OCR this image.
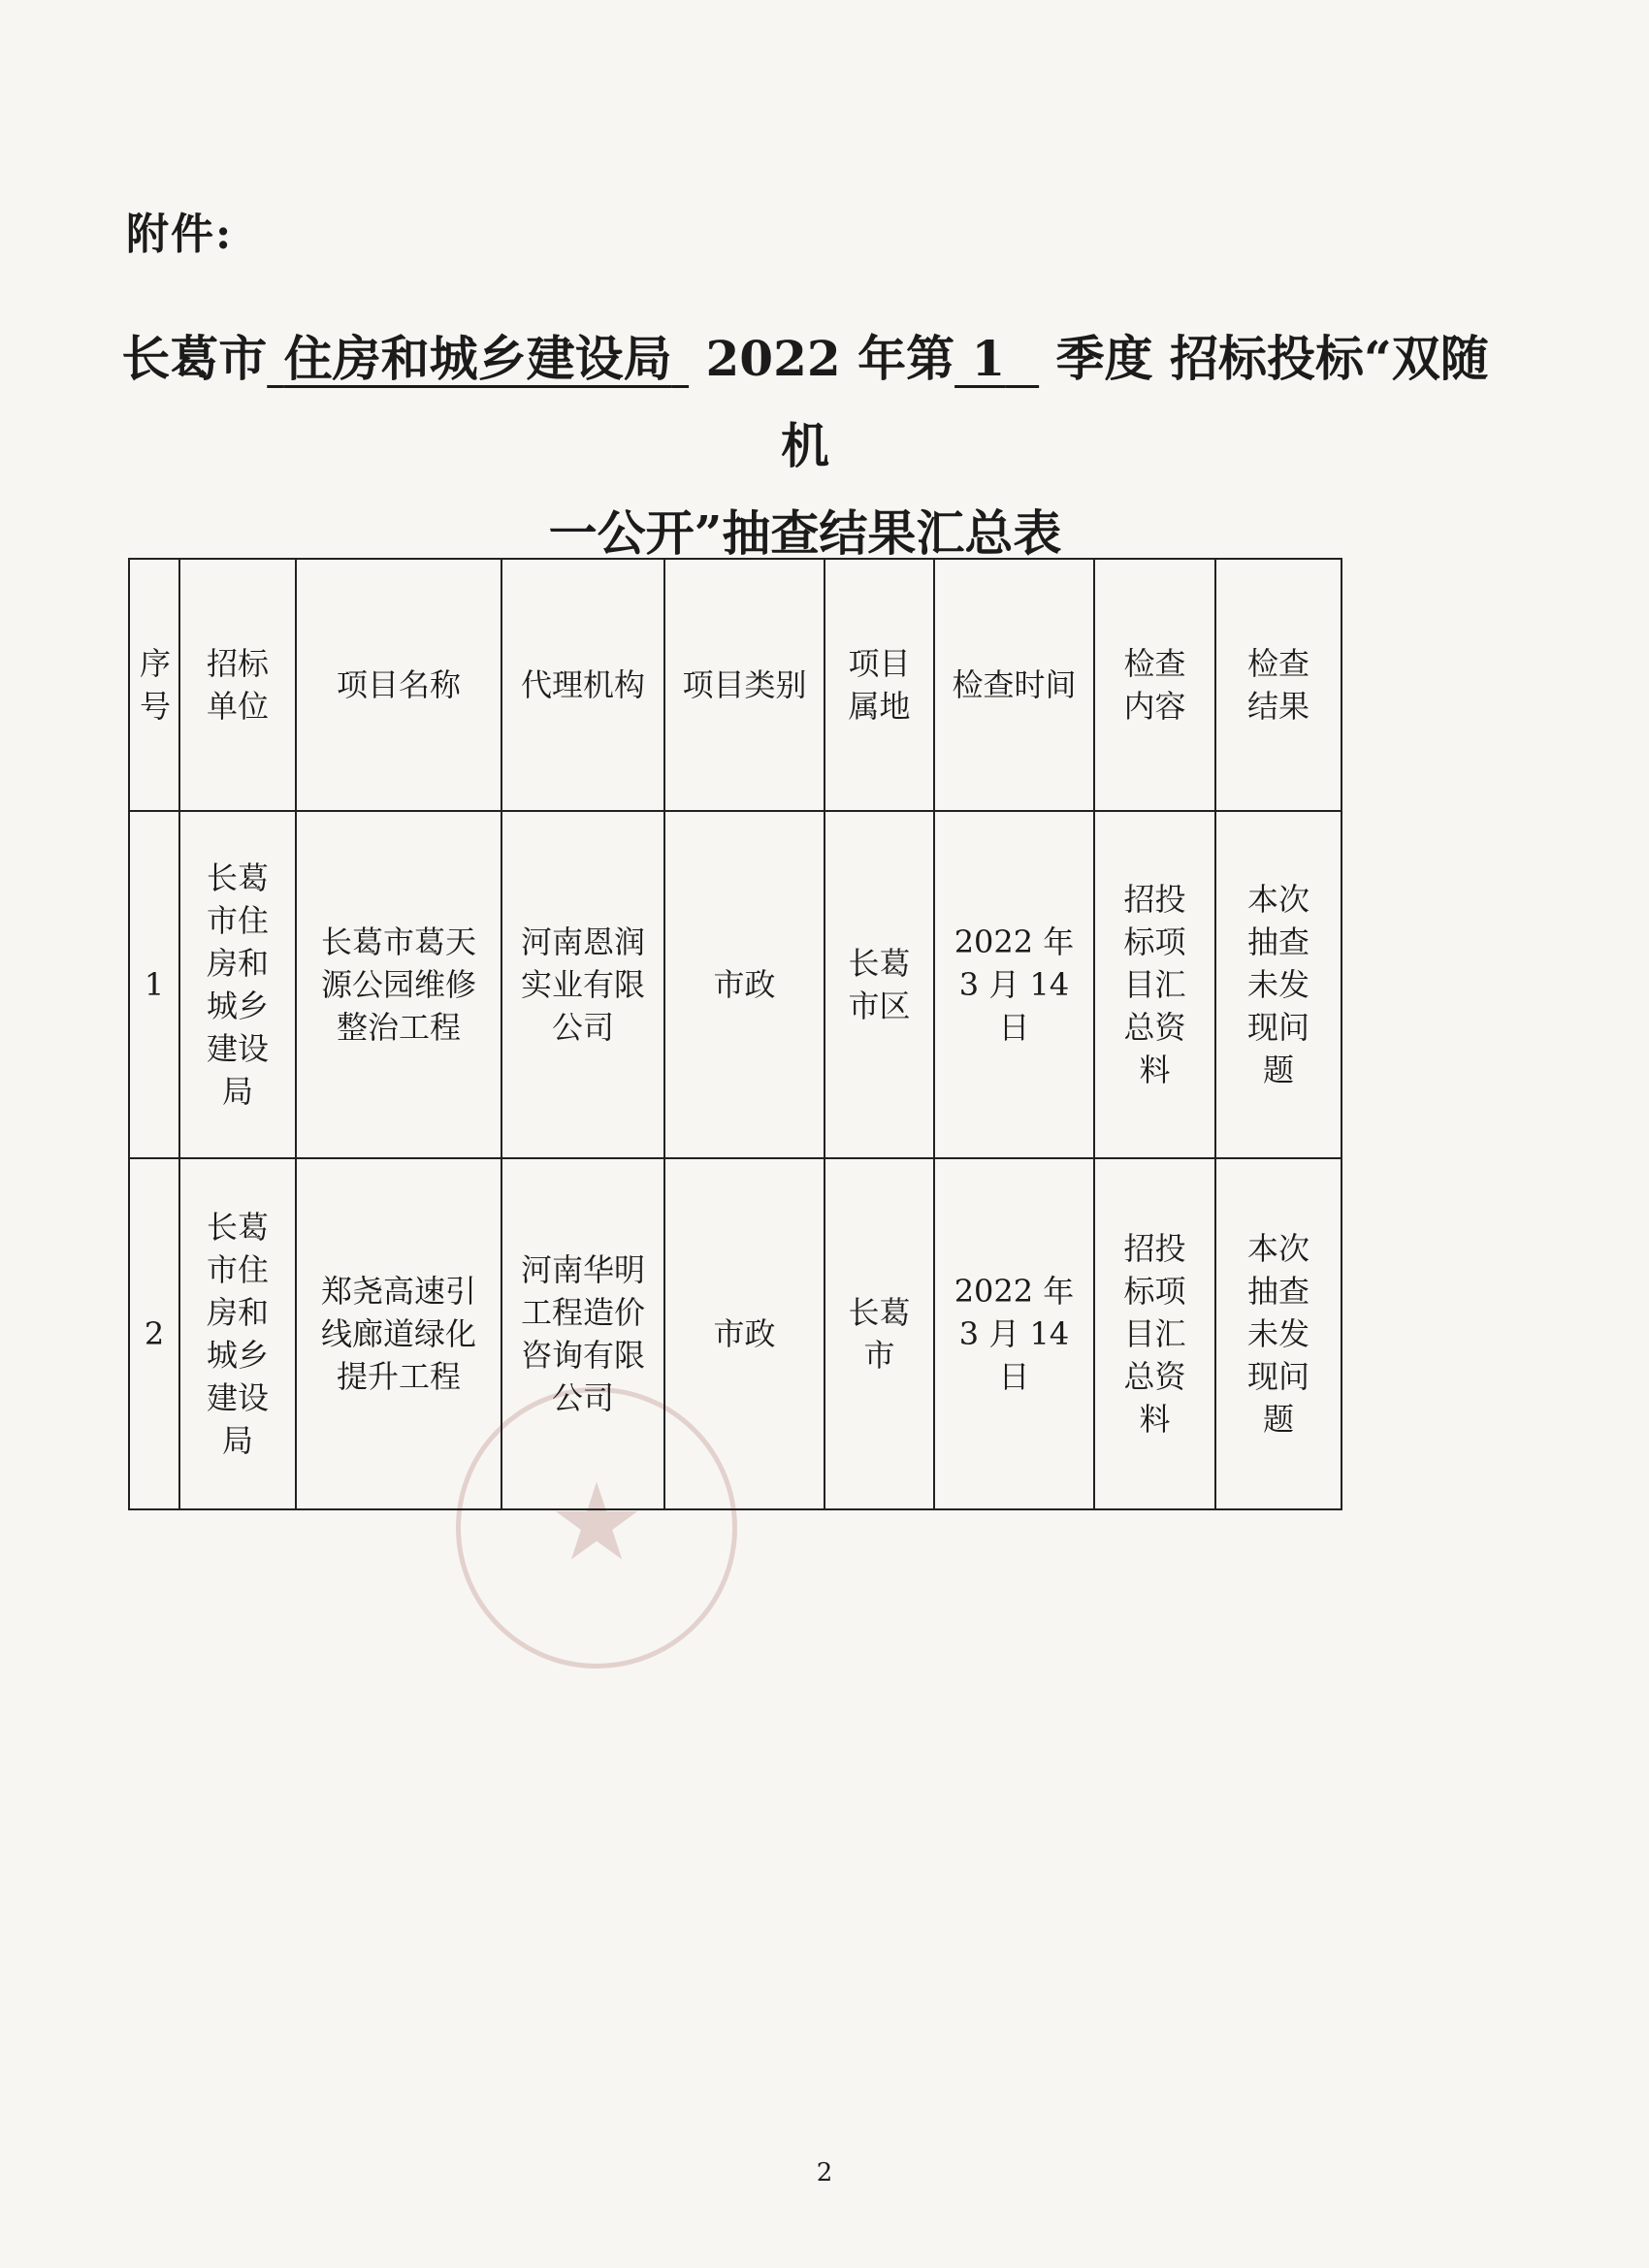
★
附件:
长葛市 住房和城乡建设局 2022 年第 1 季度 招标投标“双随机
一公开”抽查结果汇总表
序号	招标单位	项目名称	代理机构	项目类别	项目属地	检查时间	检查内容	检查结果
1	长葛市住房和城乡建设局	长葛市葛天源公园维修整治工程	河南恩润实业有限公司	市政	长葛市区	2022 年 3 月 14 日	招投标项目汇总资料	本次抽查未发现问题
2	长葛市住房和城乡建设局	郑尧高速引线廊道绿化提升工程	河南华明工程造价咨询有限公司	市政	长葛市	2022 年 3 月 14 日	招投标项目汇总资料	本次抽查未发现问题
2
